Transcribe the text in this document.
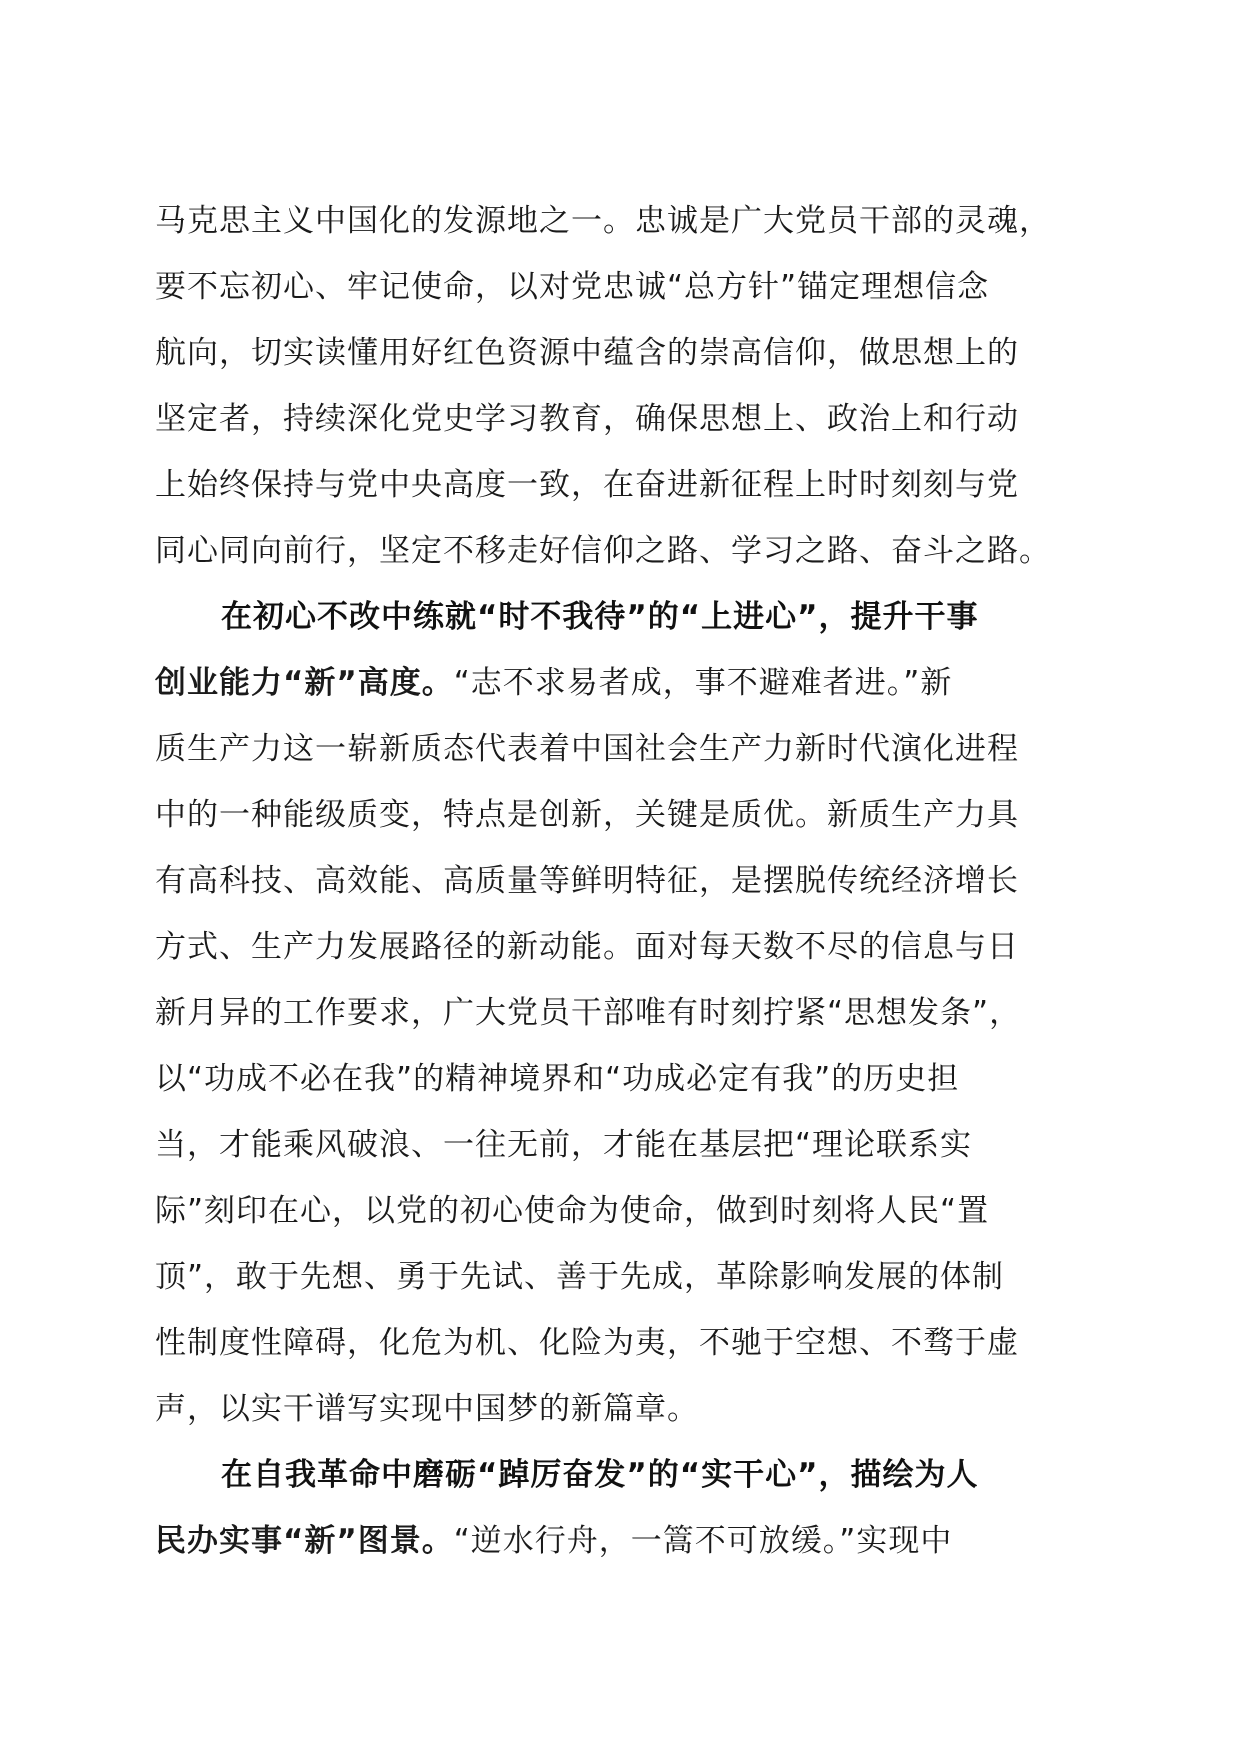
马克思主义中国化的发源地之一。忠诚是广大党员干部的灵魂，
要不忘初心、牢记使命，以对党忠诚“总方针”锚定理想信念
航向，切实读懂用好红色资源中蕴含的崇高信仰，做思想上的
坚定者，持续深化党史学习教育，确保思想上、政治上和行动
上始终保持与党中央高度一致，在奋进新征程上时时刻刻与党
同心同向前行，坚定不移走好信仰之路、学习之路、奋斗之路。
在初心不改中练就“时不我待”的“上进心”，提升干事
创业能力“新”高度。“志不求易者成，事不避难者进。”新
质生产力这一崭新质态代表着中国社会生产力新时代演化进程
中的一种能级质变，特点是创新，关键是质优。新质生产力具
有高科技、高效能、高质量等鲜明特征，是摆脱传统经济增长
方式、生产力发展路径的新动能。面对每天数不尽的信息与日
新月异的工作要求，广大党员干部唯有时刻拧紧“思想发条”，
以“功成不必在我”的精神境界和“功成必定有我”的历史担
当，才能乘风破浪、一往无前，才能在基层把“理论联系实
际”刻印在心，以党的初心使命为使命，做到时刻将人民“置
顶”，敢于先想、勇于先试、善于先成，革除影响发展的体制
性制度性障碍，化危为机、化险为夷，不驰于空想、不骛于虚
声，以实干谱写实现中国梦的新篇章。
在自我革命中磨砺“踔厉奋发”的“实干心”，描绘为人
民办实事“新”图景。“逆水行舟，一篙不可放缓。”实现中
